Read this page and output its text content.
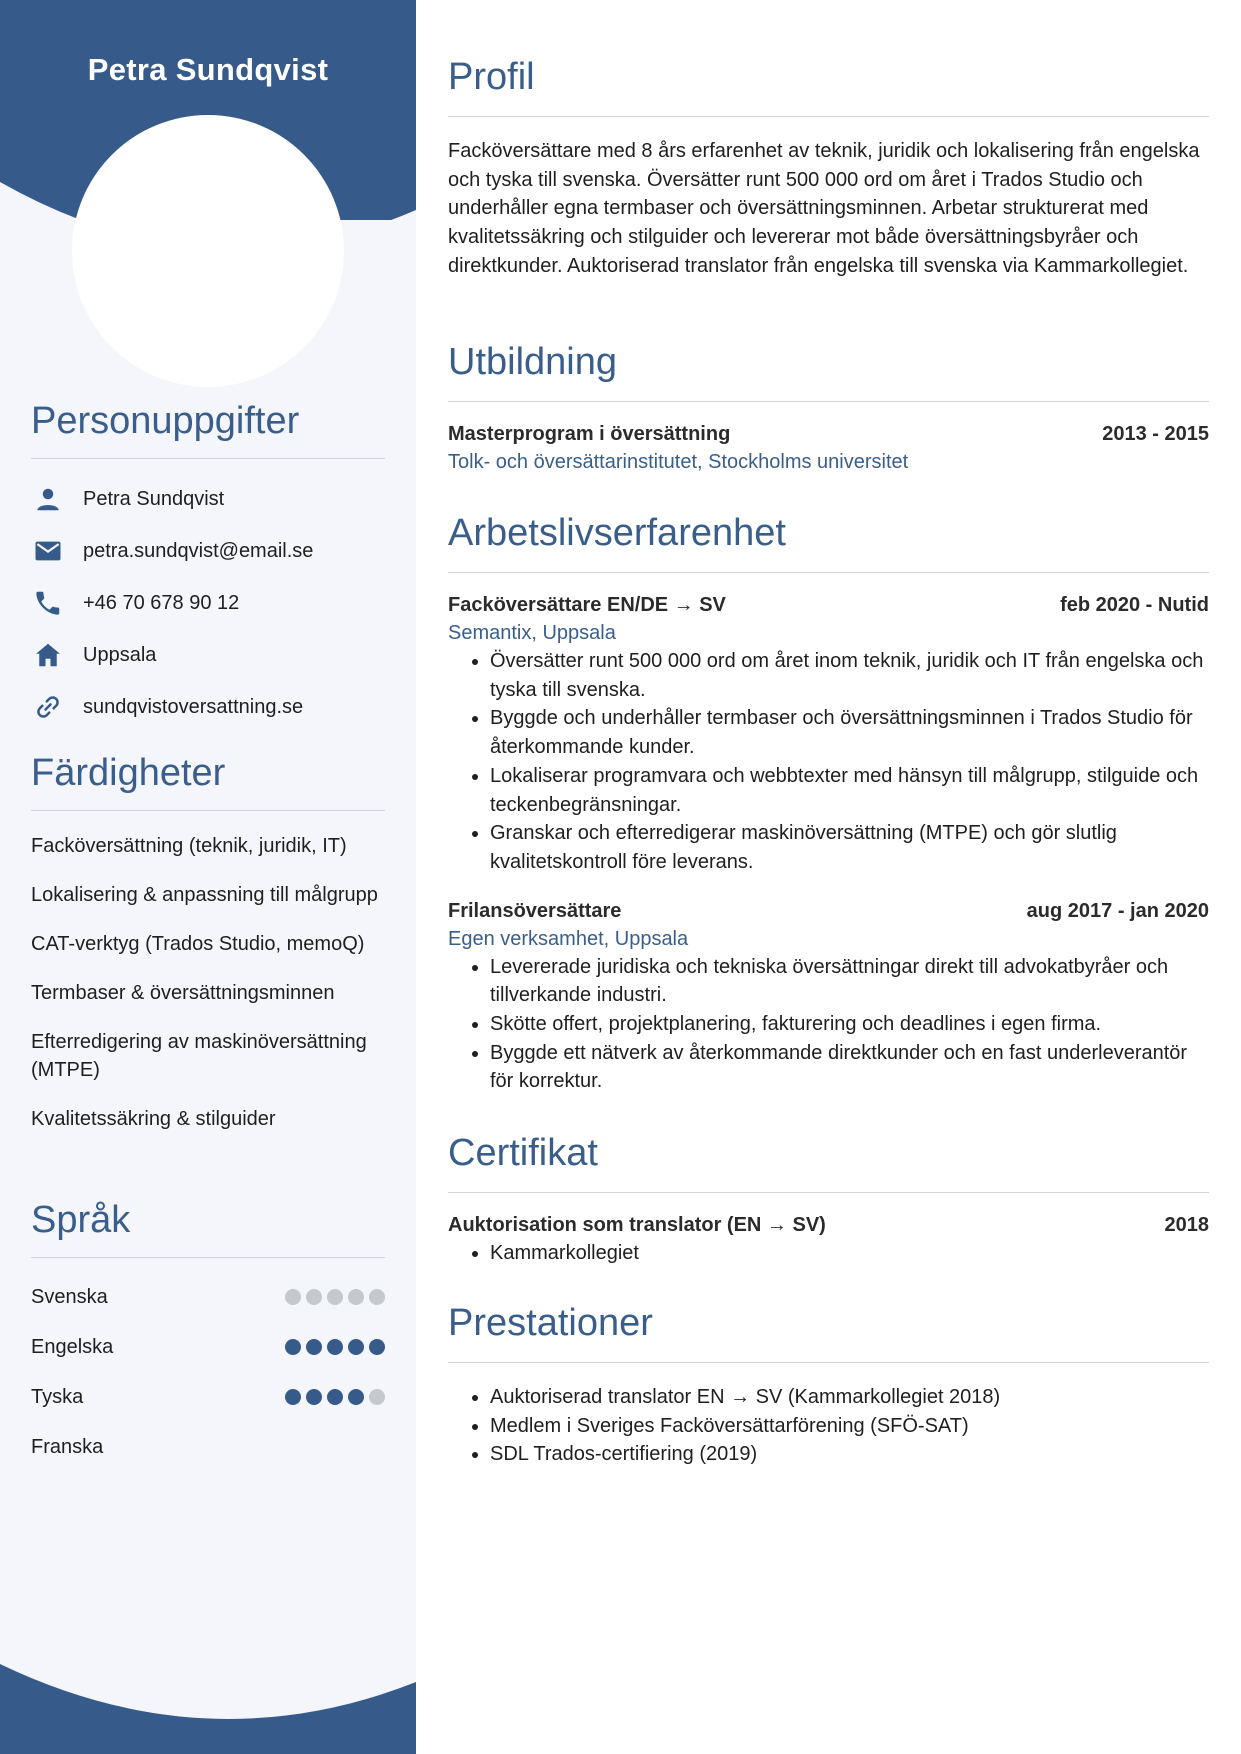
Petra Sundqvist
Personuppgifter
Petra Sundqvist
petra.sundqvist@email.se
+46 70 678 90 12
Uppsala
sundqvistoversattning.se
Färdigheter
Facköversättning (teknik, juridik, IT)
Lokalisering & anpassning till målgrupp
CAT-verktyg (Trados Studio, memoQ)
Termbaser & översättningsminnen
Efterredigering av maskinöversättning (MTPE)
Kvalitetssäkring & stilguider
Språk
Svenska
Engelska
Tyska
Franska
Profil

Facköversättare med 8 års erfarenhet av teknik, juridik och lokalisering från engelska och tyska till svenska. Översätter runt 500 000 ord om året i Trados Studio och underhåller egna termbaser och översättningsminnen. Arbetar strukturerat med kvalitetssäkring och stilguider och levererar mot både översättningsbyråer och direktkunder. Auktoriserad translator från engelska till svenska via Kammarkollegiet.

Utbildning
Masterprogram i översättning	2013 - 2015
Tolk- och översättarinstitutet, Stockholms universitet
Arbetslivserfarenhet
Facköversättare EN/DE → SV	feb 2020 - Nutid
Semantix, Uppsala
• Översätter runt 500 000 ord om året inom teknik, juridik och IT från engelska och tyska till svenska.
• Byggde och underhåller termbaser och översättningsminnen i Trados Studio för återkommande kunder.
• Lokaliserar programvara och webbtexter med hänsyn till målgrupp, stilguide och teckenbegränsningar.
• Granskar och efterredigerar maskinöversättning (MTPE) och gör slutlig kvalitetskontroll före leverans.
Frilansöversättare	aug 2017 - jan 2020
Egen verksamhet, Uppsala
• Levererade juridiska och tekniska översättningar direkt till advokatbyråer och tillverkande industri.
• Skötte offert, projektplanering, fakturering och deadlines i egen firma.
• Byggde ett nätverk av återkommande direktkunder och en fast underleverantör för korrektur.
Certifikat
Auktorisation som translator (EN → SV)	2018
• Kammarkollegiet
Prestationer
• Auktoriserad translator EN → SV (Kammarkollegiet 2018)
• Medlem i Sveriges Facköversättarförening (SFÖ-SAT)
• SDL Trados-certifiering (2019)
